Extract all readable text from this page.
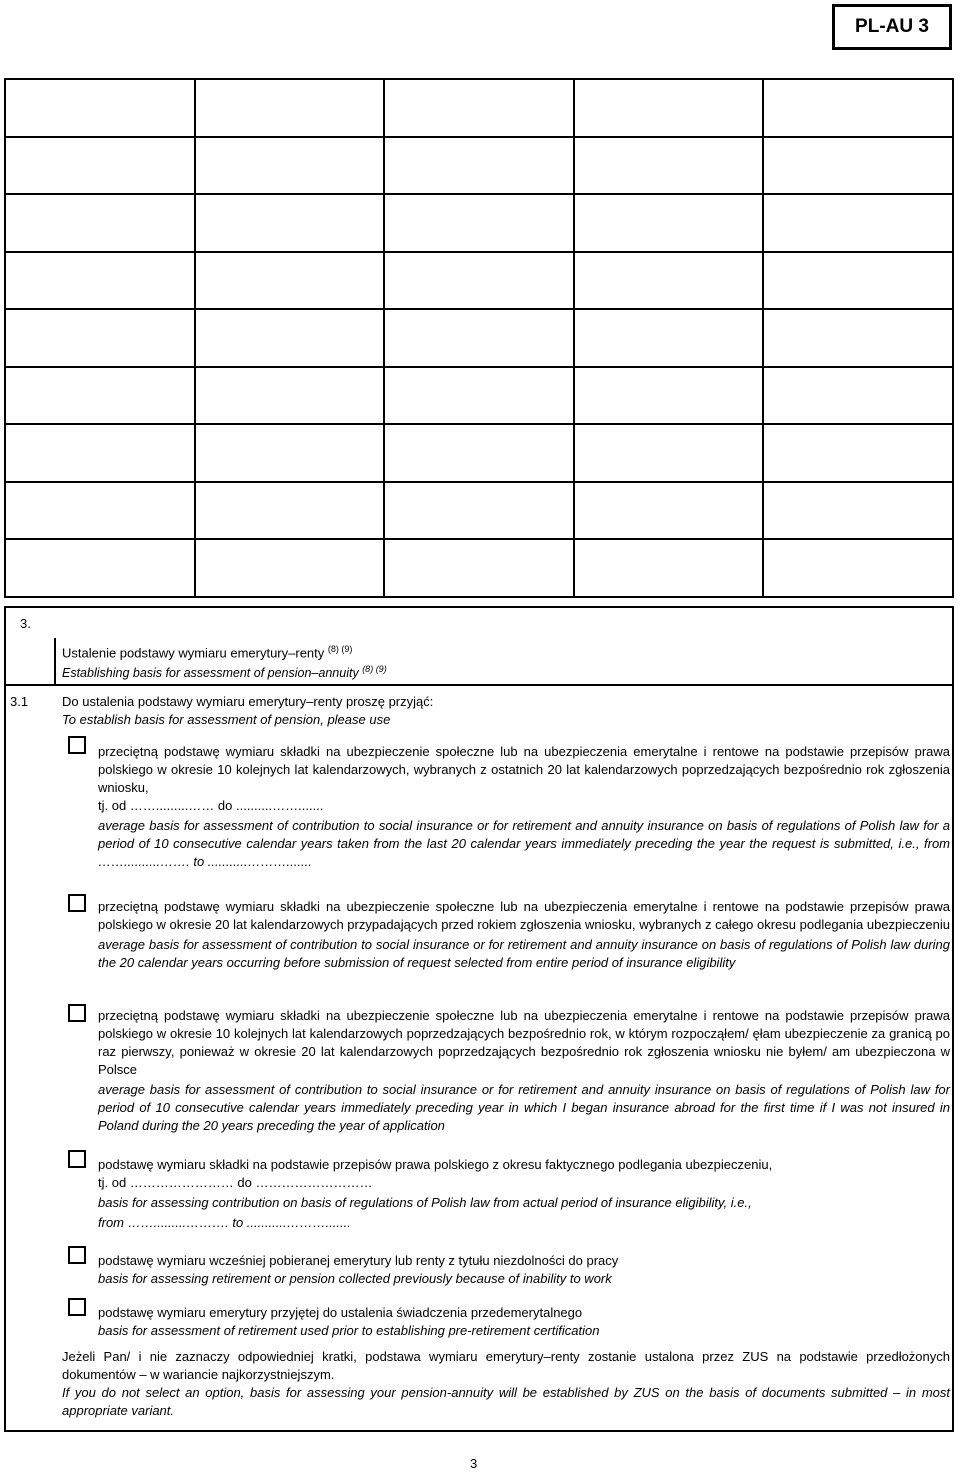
PL-AU 3

3.
Ustalenie podstawy wymiaru emerytury–renty $^{(8) (9)}$
Establishing basis for assessment of pension–annuity $^{(8) (9)}$
3.1	Do ustalenia podstawy wymiaru emerytury–renty proszę przyjąć:
To establish basis for assessment of pension, please use
przeciętną podstawę wymiaru składki na ubezpieczenie społeczne lub na ubezpieczenia emerytalne i rentowe na podstawie przepisów prawa polskiego w okresie 10 kolejnych lat kalendarzowych, wybranych z ostatnich 20 lat kalendarzowych poprzedzających bezpośrednio rok zgłoszenia wniosku,
tj. od …….........…… do ..........…….......
average basis for assessment of contribution to social insurance or for retirement and annuity insurance on basis of regulations of Polish law for a period of 10 consecutive calendar years taken from the last 20 calendar years immediately preceding the year the request is submitted, i.e., from ……..........……. to ...........……….......
przeciętną podstawę wymiaru składki na ubezpieczenie społeczne lub na ubezpieczenia emerytalne i rentowe na podstawie przepisów prawa polskiego w okresie 20 lat kalendarzowych przypadających przed rokiem zgłoszenia wniosku, wybranych z całego okresu podlegania ubezpieczeniu
average basis for assessment of contribution to social insurance or for retirement and annuity insurance on basis of regulations of Polish law during the 20 calendar years occurring before submission of request selected from entire period of insurance eligibility
przeciętną podstawę wymiaru składki na ubezpieczenie społeczne lub na ubezpieczenia emerytalne i rentowe na podstawie przepisów prawa polskiego w okresie 10 kolejnych lat kalendarzowych poprzedzających bezpośrednio rok, w którym rozpocząłem/ ęłam ubezpieczenie za granicą po raz pierwszy, ponieważ w okresie 20 lat kalendarzowych poprzedzających bezpośrednio rok zgłoszenia wniosku nie byłem/ am ubezpieczona w Polsce
average basis for assessment of contribution to social insurance or for retirement and annuity insurance on basis of regulations of Polish law for period of 10 consecutive calendar years immediately preceding year in which I began insurance abroad for the first time if I was not insured in Poland during the 20 years preceding the year of application
podstawę wymiaru składki na podstawie przepisów prawa polskiego z okresu faktycznego podlegania ubezpieczeniu,
tj. od …………………… do ………………………
basis for assessing contribution on basis of regulations of Polish law from actual period of insurance eligibility, i.e.,
from …….........………. to ...........……….......
podstawę wymiaru wcześniej pobieranej emerytury lub renty z tytułu niezdolności do pracy
basis for assessing retirement or pension collected previously because of inability to work
podstawę wymiaru emerytury przyjętej do ustalenia świadczenia przedemerytalnego
basis for assessment of retirement used prior to establishing pre-retirement certification
Jeżeli Pan/ i nie zaznaczy odpowiedniej kratki, podstawa wymiaru emerytury–renty zostanie ustalona przez ZUS na podstawie przedłożonych dokumentów – w wariancie najkorzystniejszym.
If you do not select an option, basis for assessing your pension-annuity will be established by ZUS on the basis of documents submitted – in most appropriate variant.
3
